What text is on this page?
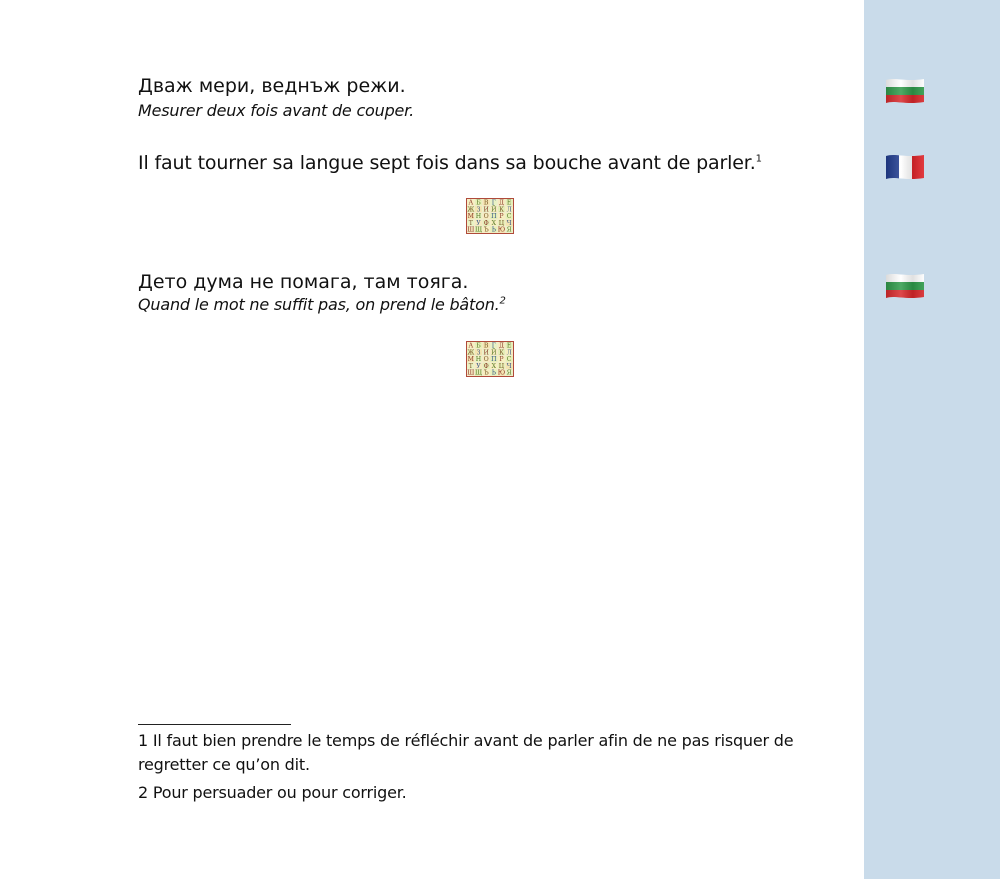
Дваж мери, веднъж режи.
Mesurer deux fois avant de couper.
Il faut tourner sa langue sept fois dans sa bouche avant de parler.$^1$
А Б В Г Д Е
Ж З И Й К Л
М Н О П Р С
Т У Ф Х Ц Ч
Ш Щ Ъ Ь Ю Я
Дето дума не помага, там тояга.
Quand le mot ne suffit pas, on prend le bâton.$^2$
А Б В Г Д Е
Ж З И Й К Л
М Н О П Р С
Т У Ф Х Ц Ч
Ш Щ Ъ Ь Ю Я

1 Il faut bien prendre le temps de réfléchir avant de parler afin de ne pas risquer de

regretter ce qu’on dit.

2 Pour persuader ou pour corriger.
